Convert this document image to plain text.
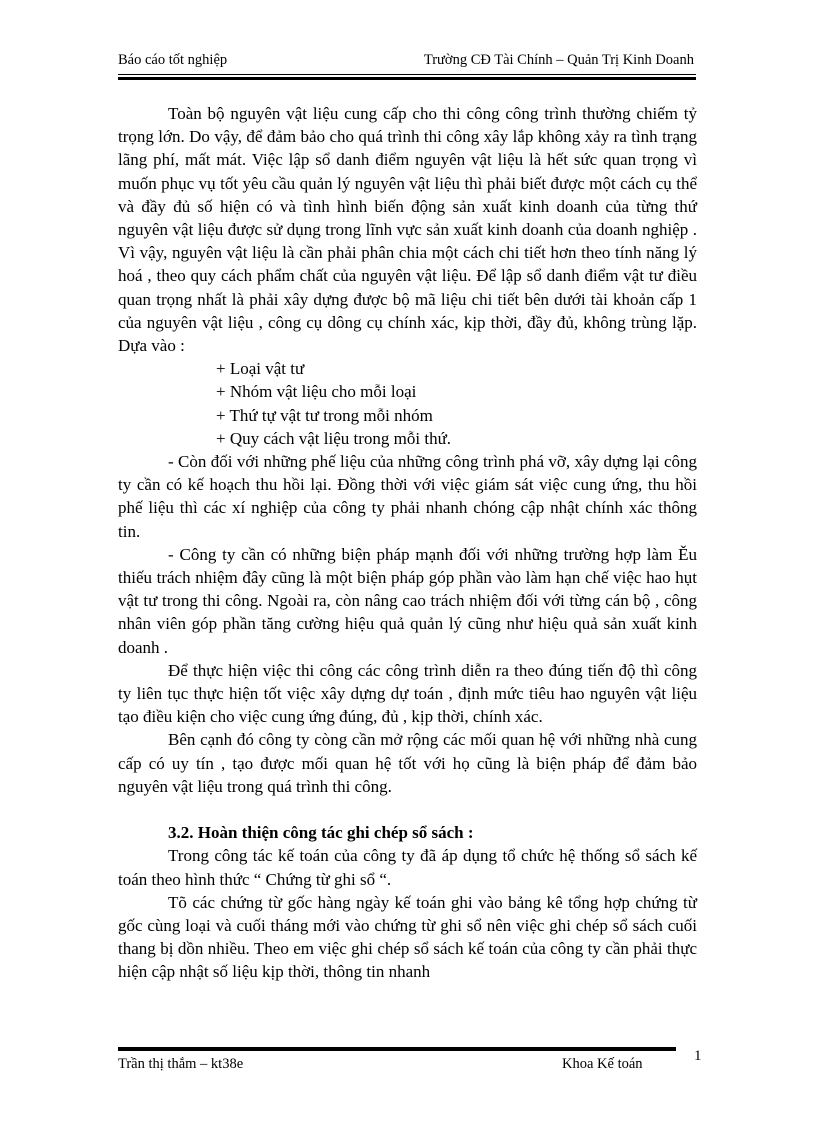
Báo cáo tốt nghiệp	Trường CĐ Tài Chính – Quản Trị Kinh Doanh

Toàn bộ nguyên vật liệu cung cấp cho thi công công trình thường chiếm tỷ trọng lớn. Do vậy, để đảm bảo cho quá trình thi công xây lắp không xảy ra tình trạng lãng phí, mất mát. Việc lập sổ danh điểm nguyên vật liệu là hết sức quan trọng vì muốn phục vụ tốt yêu cầu quản lý nguyên vật liệu thì phải biết được một cách cụ thể và đầy đủ số hiện có và tình hình biến động sản xuất kinh doanh của từng thứ nguyên vật liệu được sử dụng trong lĩnh vực sản xuất kinh doanh của doanh nghiệp . Vì vậy, nguyên vật liệu là cần phải phân chia một cách chi tiết hơn theo tính năng lý hoá , theo quy cách phẩm chất của nguyên vật liệu. Để lập sổ danh điểm vật tư điều quan trọng nhất là phải xây dựng được bộ mã liệu chi tiết bên dưới tài khoản cấp 1 của nguyên vật liệu , công cụ dông cụ chính xác, kịp thời, đầy đủ, không trùng lặp. Dựa vào :

+ Loại vật tư
+ Nhóm vật liệu cho mỗi loại
+ Thứ tự vật tư trong mỗi nhóm
+ Quy cách vật liệu trong mỗi thứ.

- Còn đối với những phế liệu của những công trình phá vỡ, xây dựng lại công ty cần có kế hoạch thu hồi lại. Đồng thời với việc giám sát việc cung ứng, thu hồi phế liệu thì các xí nghiệp của công ty phải nhanh chóng cập nhật chính xác thông tin.

- Công ty cần có những biện pháp mạnh đối với những trường hợp làm Ěu thiếu trách nhiệm đây cũng là một biện pháp góp phần vào làm hạn chế việc hao hụt vật tư trong thi công. Ngoài ra, còn nâng cao trách nhiệm đối với từng cán bộ , công nhân viên góp phần tăng cường hiệu quả quản lý cũng như hiệu quả sản xuất kinh doanh .

Để thực hiện việc thi công các công trình diễn ra theo đúng tiến độ thì công ty liên tục thực hiện tốt việc xây dựng dự toán , định mức tiêu hao nguyên vật liệu tạo điều kiện cho việc cung ứng đúng, đủ , kịp thời, chính xác.

Bên cạnh đó công ty còng cần mở rộng các mối quan hệ với những nhà cung cấp có uy tín , tạo được mối quan hệ tốt với họ cũng là biện pháp để đảm bảo nguyên vật liệu trong quá trình thi công.

3.2. Hoàn thiện công tác ghi chép sổ sách :

Trong công tác kế toán của công ty đã áp dụng tổ chức hệ thống sổ sách kế toán theo hình thức “ Chứng từ ghi sổ “.

Tõ các chứng từ gốc hàng ngày kế toán ghi vào bảng kê tổng hợp chứng từ gốc cùng loại và cuối tháng mới vào chứng từ ghi sổ nên việc ghi chép sổ sách cuối thang bị dồn nhiều. Theo em việc ghi chép sổ sách kế toán của công ty cần phải thực hiện cập nhật số liệu kịp thời, thông tin nhanh

Trần thị thắm – kt38e	Khoa Kế toán	1
